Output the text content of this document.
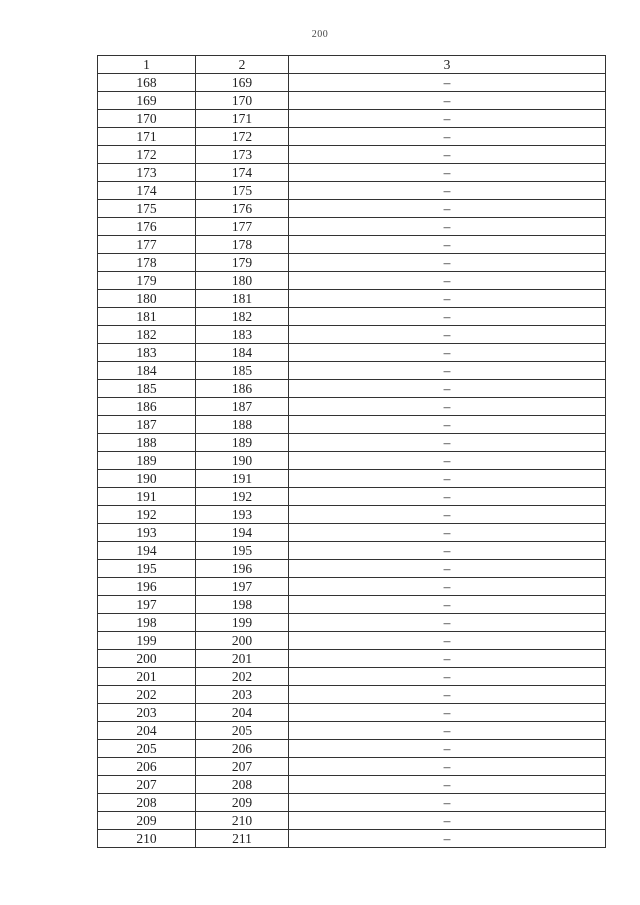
200
1	2	3
168	169	–
169	170	–
170	171	–
171	172	–
172	173	–
173	174	–
174	175	–
175	176	–
176	177	–
177	178	–
178	179	–
179	180	–
180	181	–
181	182	–
182	183	–
183	184	–
184	185	–
185	186	–
186	187	–
187	188	–
188	189	–
189	190	–
190	191	–
191	192	–
192	193	–
193	194	–
194	195	–
195	196	–
196	197	–
197	198	–
198	199	–
199	200	–
200	201	–
201	202	–
202	203	–
203	204	–
204	205	–
205	206	–
206	207	–
207	208	–
208	209	–
209	210	–
210	211	–
